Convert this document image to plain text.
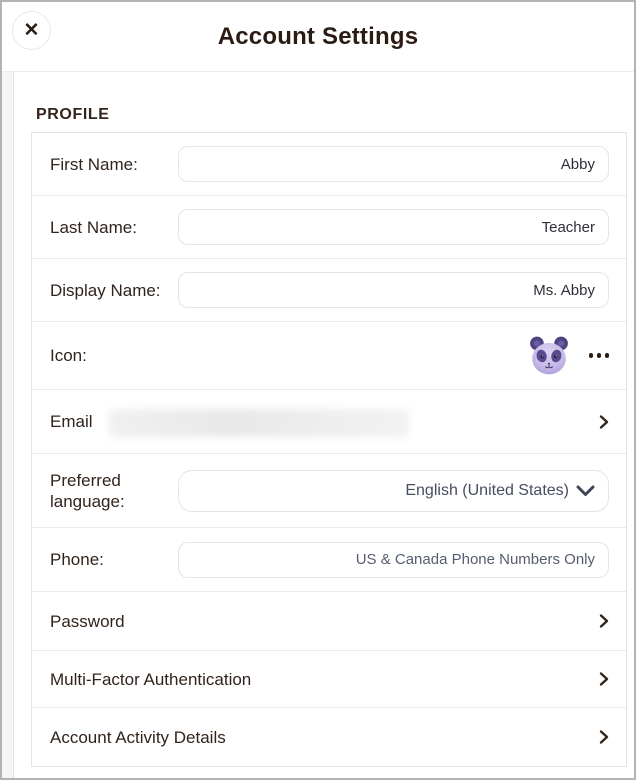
✕	Account Settings
PROFILE
First Name:
Abby
Last Name:
Teacher
Display Name:
Ms. Abby
Icon:
Email
Preferred language:
English (United States)
Phone:
US & Canada Phone Numbers Only
Password
Multi-Factor Authentication
Account Activity Details
